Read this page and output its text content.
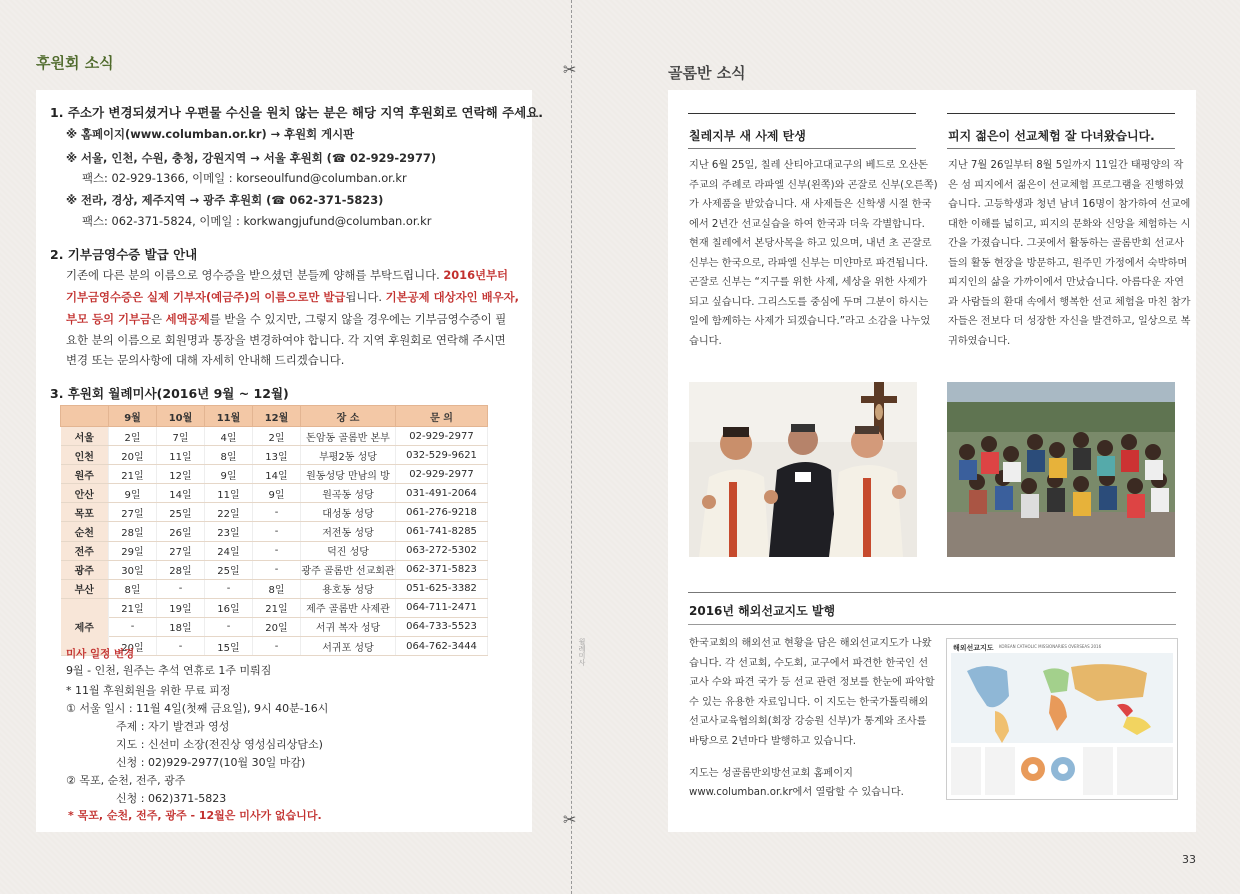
후원회 소식
1. 주소가 변경되셨거나 우편물 수신을 원치 않는 분은 해당 지역 후원회로 연락해 주세요.
※ 홈페이지(www.columban.or.kr) → 후원회 게시판
※ 서울, 인천, 수원, 충청, 강원지역 → 서울 후원회 (☎ 02-929-2977)
팩스: 02-929-1366, 이메일 : korseoulfund@columban.or.kr
※ 전라, 경상, 제주지역 → 광주 후원회 (☎ 062-371-5823)
팩스: 062-371-5824, 이메일 : korkwangjufund@columban.or.kr
2. 기부금영수증 발급 안내
기존에 다른 분의 이름으로 영수증을 받으셨던 분들께 양해를 부탁드립니다. 2016년부터
기부금영수증은 실제 기부자(예금주)의 이름으로만 발급됩니다. 기본공제 대상자인 배우자,
부모 등의 기부금은 세액공제를 받을 수 있지만, 그렇지 않을 경우에는 기부금영수증이 필
요한 분의 이름으로 회원명과 통장을 변경하여야 합니다. 각 지역 후원회로 연락해 주시면
변경 또는 문의사항에 대해 자세히 안내해 드리겠습니다.
3. 후원회 월례미사(2016년 9월 ~ 12월)
	9월	10월	11월	12월	장 소	문 의
서울	2일	7일	4일	2일	돈암동 골롬반 본부	02-929-2977
인천	20일	11일	8일	13일	부평2동 성당	032-529-9621
원주	21일	12일	9일	14일	원동성당 만남의 방	02-929-2977
안산	9일	14일	11일	9일	원곡동 성당	031-491-2064
목포	27일	25일	22일	-	대성동 성당	061-276-9218
순천	28일	26일	23일	-	저전동 성당	061-741-8285
전주	29일	27일	24일	-	덕진 성당	063-272-5302
광주	30일	28일	25일	-	광주 골롬반 선교회관	062-371-5823
부산	8일	-	-	8일	용호동 성당	051-625-3382
제주	21일	19일	16일	21일	제주 골롬반 사제관	064-711-2471
	-	18일	-	20일	서귀 복자 성당	064-733-5523
	20일	-	15일	-	서귀포 성당	064-762-3444
미사 일정 변경
9월 - 인천, 원주는 추석 연휴로 1주 미뤄짐
* 11월 후원회원을 위한 무료 피정
① 서울 일시 : 11월 4일(첫째 금요일), 9시 40분-16시
주제 : 자기 발견과 영성
지도 : 신선미 소장(전진상 영성심리상담소)
신청 : 02)929-2977(10월 30일 마감)
② 목포, 순천, 전주, 광주
신청 : 062)371-5823
* 목포, 순천, 전주, 광주 - 12월은 미사가 없습니다.
✂
✂
월례미사
골롬반 소식
칠레지부 새 사제 탄생
지난 6월 25일, 칠레 산티아고대교구의 베드로 오산돈
주교의 주례로 라파엘 신부(왼쪽)와 곤잘로 신부(오른쪽)
가 사제품을 받았습니다. 새 사제들은 신학생 시절 한국
에서 2년간 선교실습을 하여 한국과 더욱 각별합니다.
현재 칠레에서 본당사목을 하고 있으며, 내년 초 곤잘로
신부는 한국으로, 라파엘 신부는 미얀마로 파견됩니다.
곤잘로 신부는 “지구를 위한 사제, 세상을 위한 사제가
되고 싶습니다. 그리스도를 중심에 두며 그분이 하시는
일에 함께하는 사제가 되겠습니다.”라고 소감을 나누었
습니다.
피지 젊은이 선교체험 잘 다녀왔습니다.
지난 7월 26일부터 8월 5일까지 11일간 태평양의 작
은 섬 피지에서 젊은이 선교체험 프로그램을 진행하였
습니다. 고등학생과 청년 남녀 16명이 참가하여 선교에
대한 이해를 넓히고, 피지의 문화와 신앙을 체험하는 시
간을 가졌습니다. 그곳에서 활동하는 골롬반회 선교사
들의 활동 현장을 방문하고, 원주민 가정에서 숙박하며
피지인의 삶을 가까이에서 만났습니다. 아름다운 자연
과 사람들의 환대 속에서 행복한 선교 체험을 마친 참가
자들은 전보다 더 성장한 자신을 발견하고, 일상으로 복
귀하였습니다.
2016년 해외선교지도 발행
한국교회의 해외선교 현황을 담은 해외선교지도가 나왔
습니다. 각 선교회, 수도회, 교구에서 파견한 한국인 선
교사 수와 파견 국가 등 선교 관련 정보를 한눈에 파악할
수 있는 유용한 자료입니다. 이 지도는 한국가톨릭해외
선교사교육협의회(회장 강승원 신부)가 통계와 조사를
바탕으로 2년마다 발행하고 있습니다.
지도는 성골롬반외방선교회 홈페이지
www.columban.or.kr에서 열람할 수 있습니다.
해외선교지도 KOREAN CATHOLIC MISSIONARIES OVERSEAS 2016
33
